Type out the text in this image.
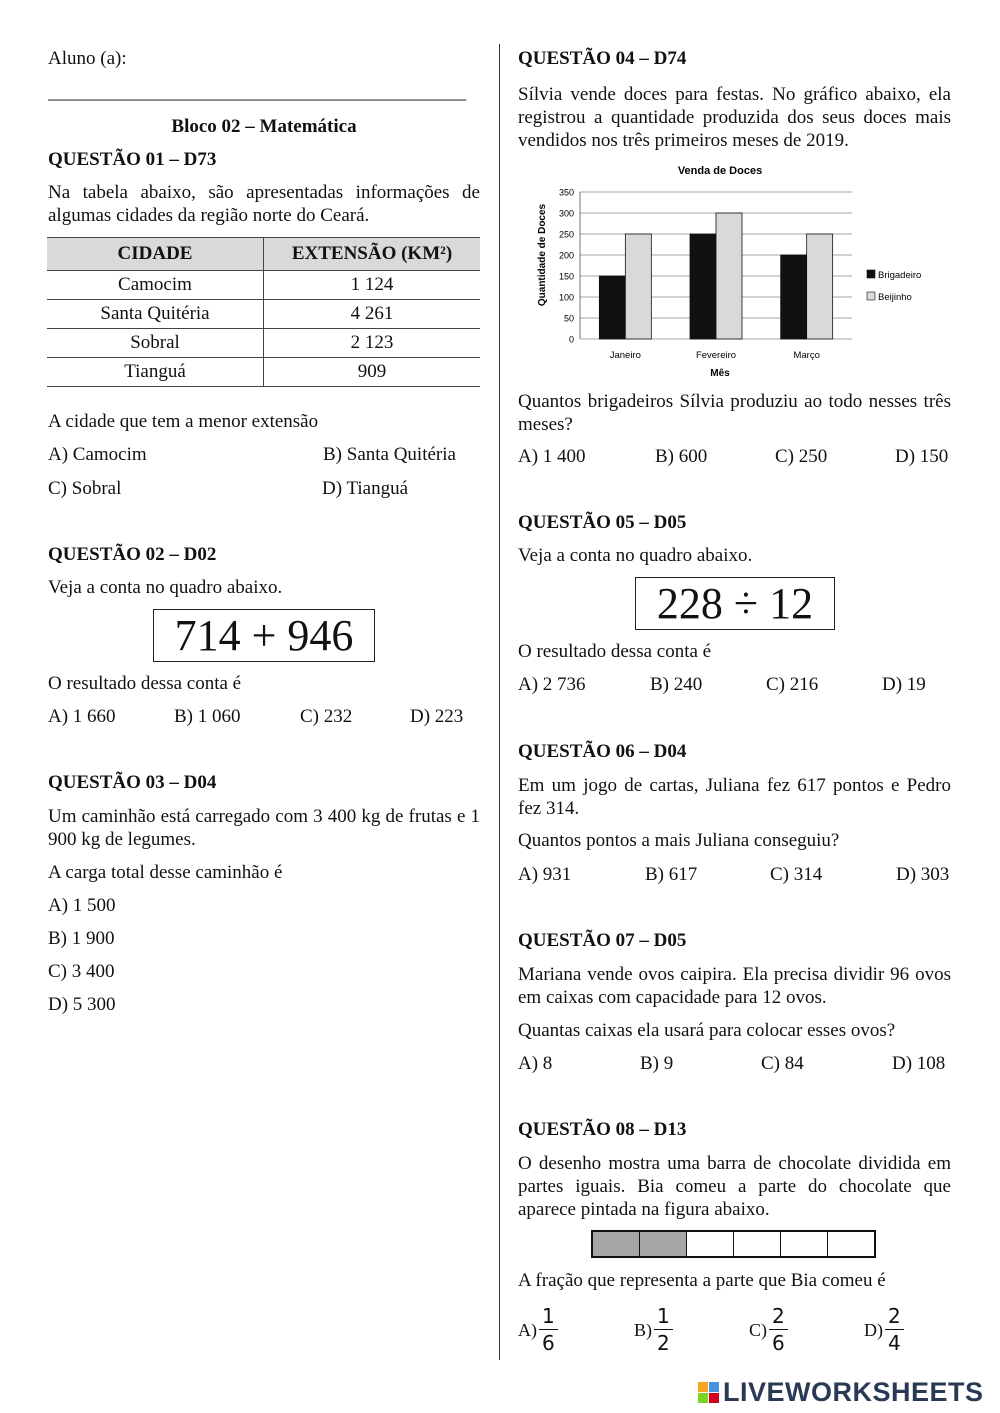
Aluno (a):
____________________________________________
Bloco 02 – Matemática
QUESTÃO 01 – D73
Na tabela abaixo, são apresentadas informações de algumas cidades da região norte do Ceará.
CIDADE	EXTENSÃO (KM²)
Camocim	1 124
Santa Quitéria	4 261
Sobral	2 123
Tianguá	909
A cidade que tem a menor extensão
A) Camocim	B) Santa Quitéria
C) Sobral	D) Tianguá
QUESTÃO 02 – D02
Veja a conta no quadro abaixo.
714 + 946
O resultado dessa conta é
A) 1 660	B) 1 060	C) 232	D) 223
QUESTÃO 03 – D04
Um caminhão está carregado com 3 400 kg de frutas e 1 900 kg de legumes.
A carga total desse caminhão é
A) 1 500
B) 1 900
C) 3 400
D) 5 300
QUESTÃO 04 – D74
Sílvia vende doces para festas. No gráfico abaixo, ela registrou a quantidade produzida dos seus doces mais vendidos nos três primeiros meses de 2019.
Venda de Doces
Quantidade de Doces
0
50
100
150
200
250
300
350
Janeiro	Fevereiro	Março
Mês
Brigadeiro
Beijinho
Quantos brigadeiros Sílvia produziu ao todo nesses três meses?
A) 1 400	B) 600	C) 250	D) 150
QUESTÃO 05 – D05
Veja a conta no quadro abaixo.
228 ÷ 12
O resultado dessa conta é
A) 2 736	B) 240	C) 216	D) 19
QUESTÃO 06 – D04
Em um jogo de cartas, Juliana fez 617 pontos e Pedro fez 314.
Quantos pontos a mais Juliana conseguiu?
A) 931	B) 617	C) 314	D) 303
QUESTÃO 07 – D05
Mariana vende ovos caipira. Ela precisa dividir 96 ovos em caixas com capacidade para 12 ovos.
Quantas caixas ela usará para colocar esses ovos?
A) 8	B) 9	C) 84	D) 108
QUESTÃO 08 – D13
O desenho mostra uma barra de chocolate dividida em partes iguais. Bia comeu a parte do chocolate que aparece pintada na figura abaixo.
A fração que representa a parte que Bia comeu é
$A) \frac{1}{6}$	$B) \frac{1}{2}$	$C) \frac{2}{6}$	$D) \frac{2}{4}$
LIVEWORKSHEETS
